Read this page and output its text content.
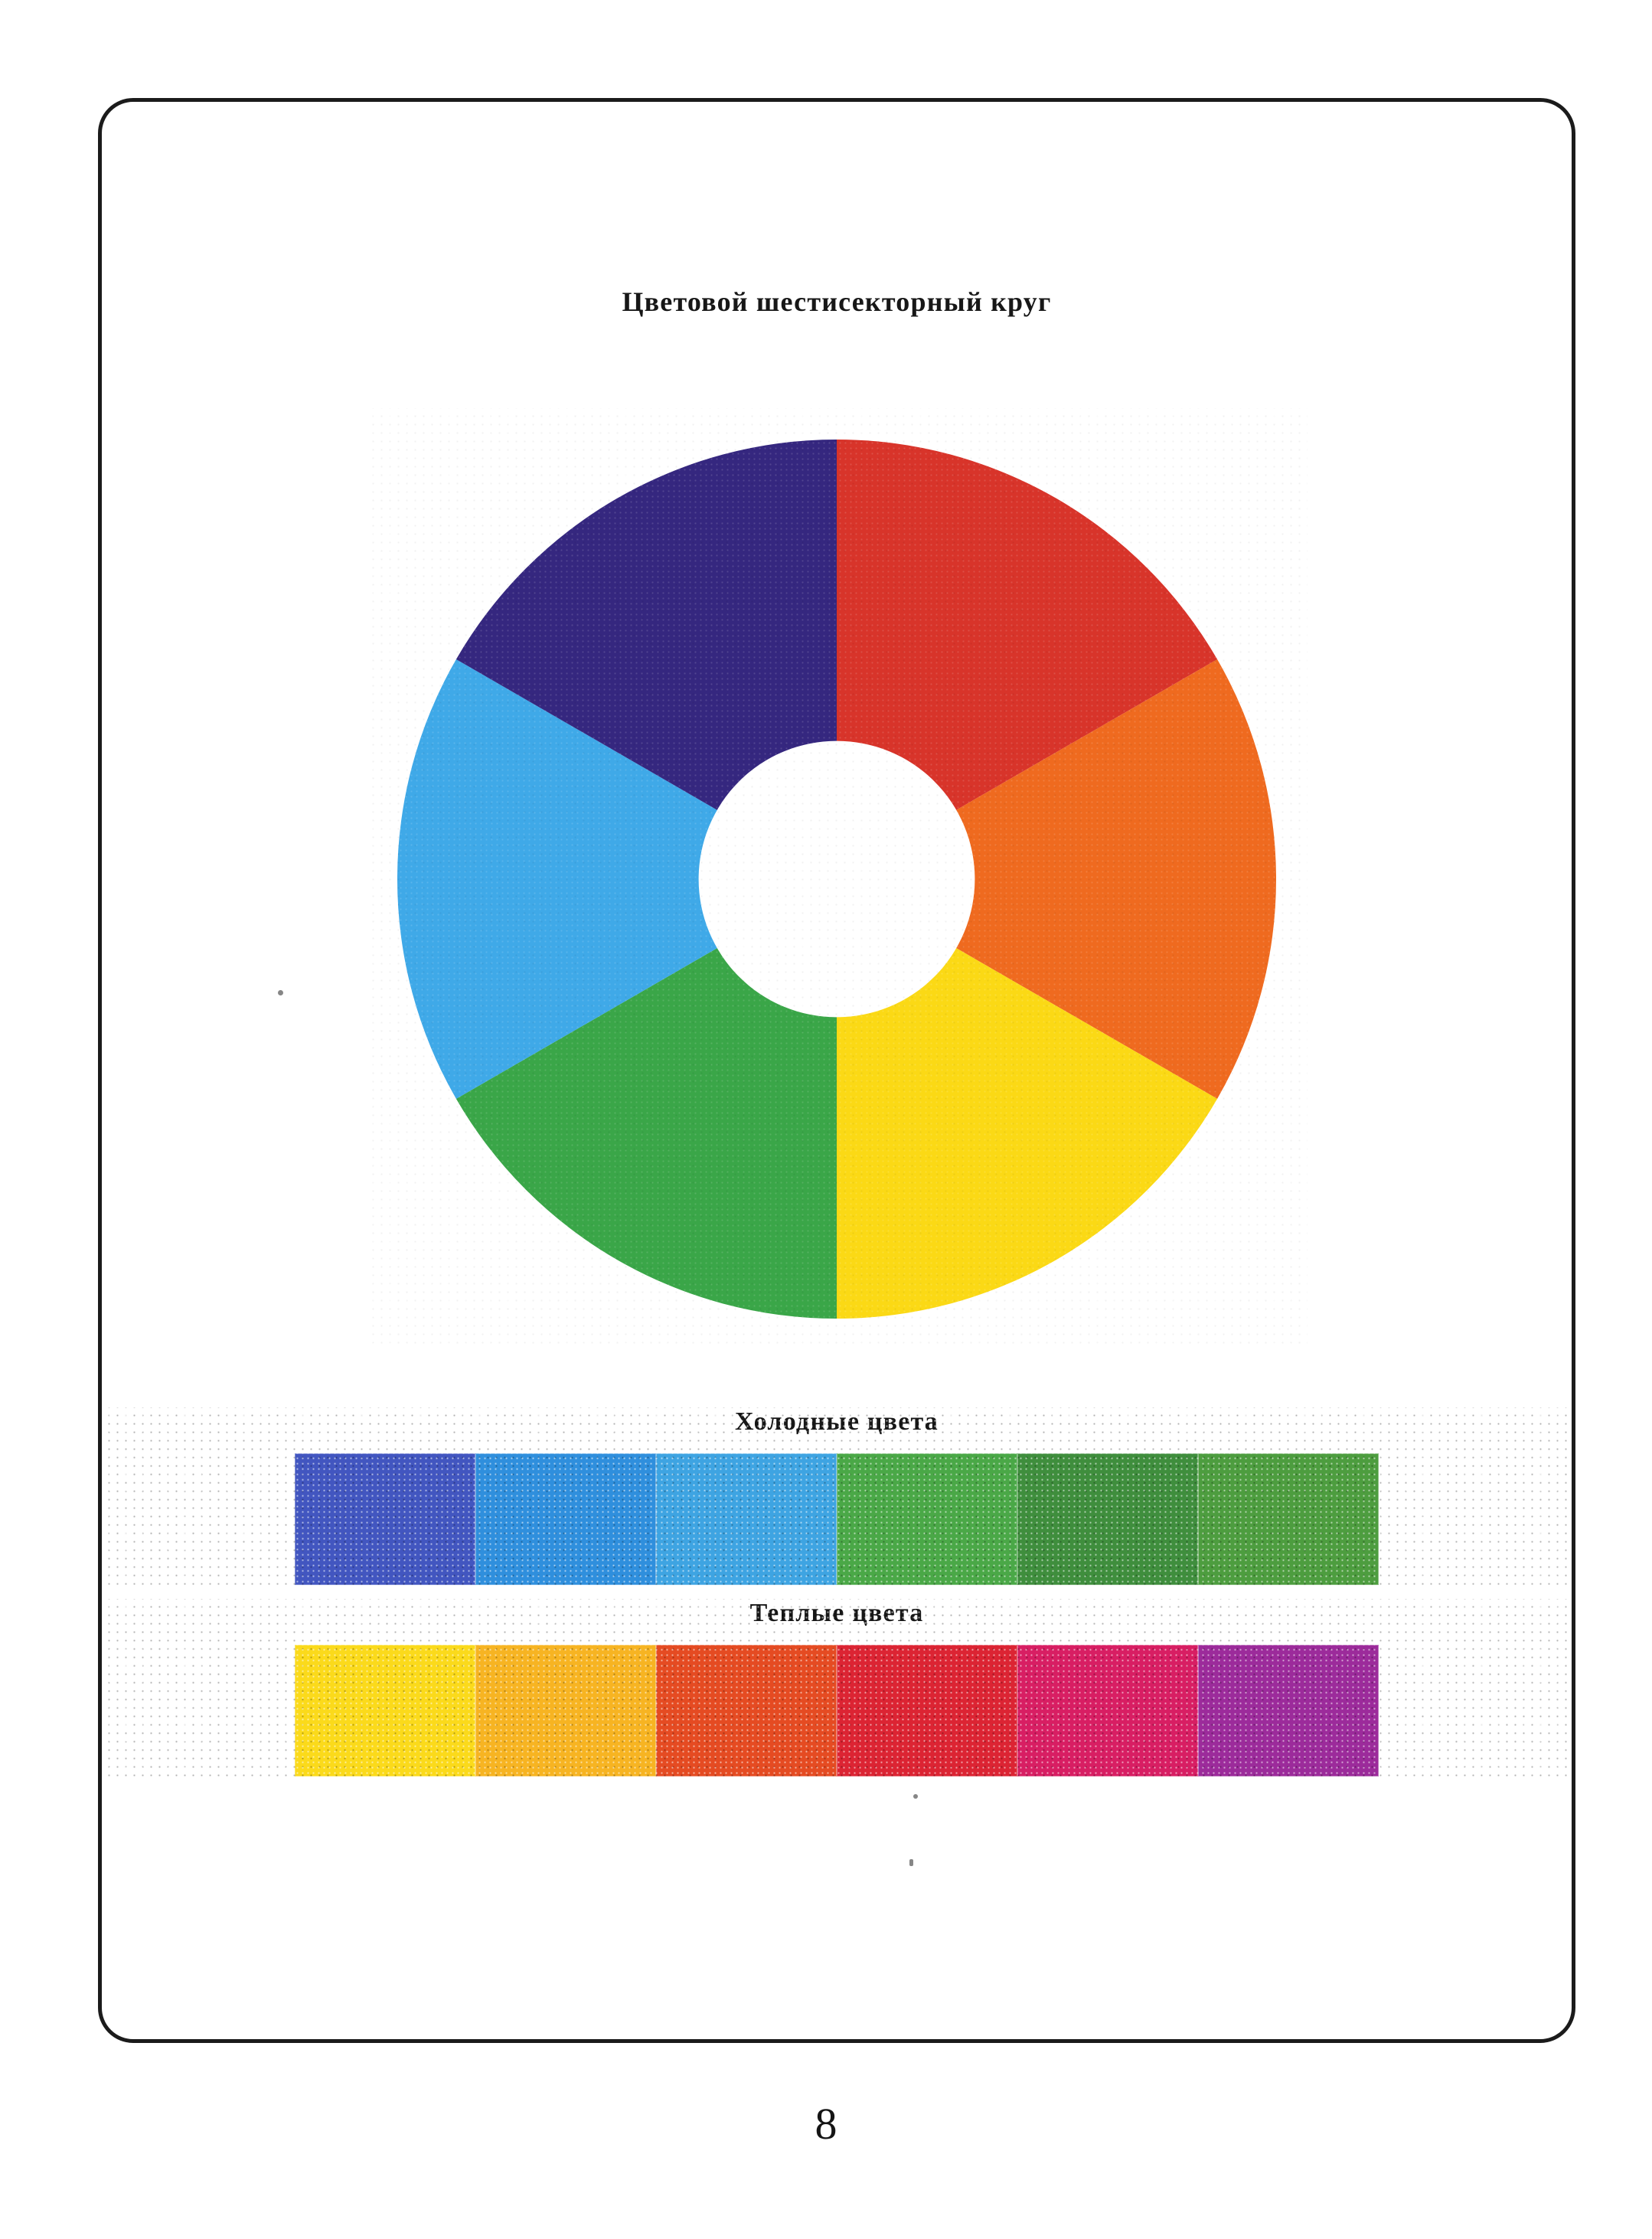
Цветовой шестисекторный круг
Холодные цвета
Теплые цвета
8
